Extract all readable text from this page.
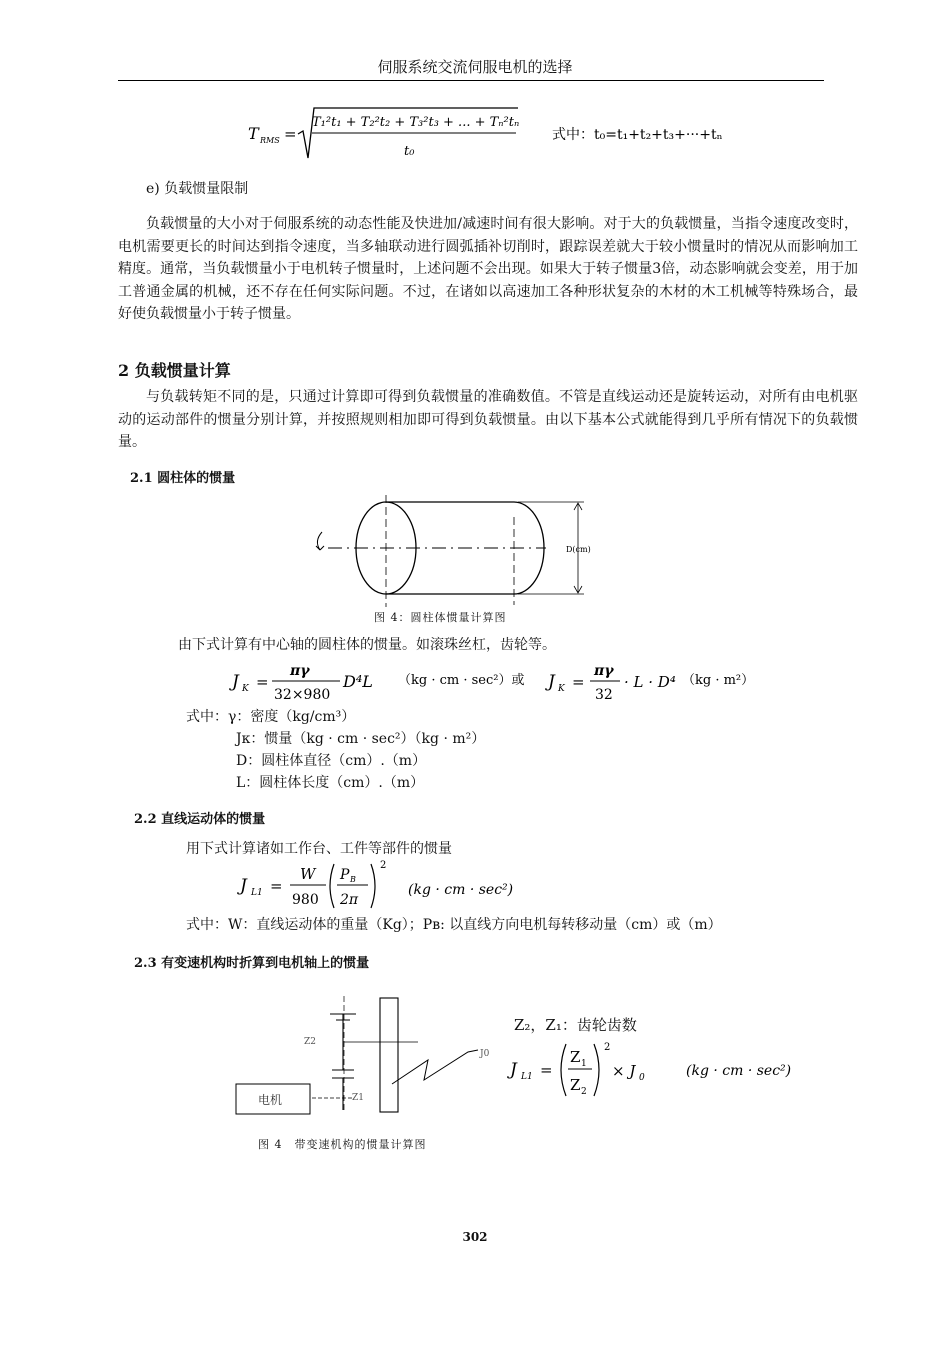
伺服系统交流伺服电机的选择
T RMS =
T₁²t₁ + T₂²t₂ + T₃²t₃ + ... + Tₙ²tₙ
t₀
式中：t₀=t₁+t₂+t₃+···+tₙ
e) 负载惯量限制
负载惯量的大小对于伺服系统的动态性能及快进加/减速时间有很大影响。对于大的负载惯量，当指令速度改变时，电机需要更长的时间达到指令速度，当多轴联动进行圆弧插补切削时，跟踪误差就大于较小惯量时的情况从而影响加工精度。通常，当负载惯量小于电机转子惯量时，上述问题不会出现。如果大于转子惯量3倍，动态影响就会变差，用于加工普通金属的机械，还不存在任何实际问题。不过，在诸如以高速加工各种形状复杂的木材的木工机械等特殊场合，最好使负载惯量小于转子惯量。
2 负载惯量计算
与负载转矩不同的是，只通过计算即可得到负载惯量的准确数值。不管是直线运动还是旋转运动，对所有由电机驱动的运动部件的惯量分别计算，并按照规则相加即可得到负载惯量。由以下基本公式就能得到几乎所有情况下的负载惯量。
2.1 圆柱体的惯量
D(cm)
图 4：圆柱体惯量计算图
由下式计算有中心轴的圆柱体的惯量。如滚珠丝杠，齿轮等。
J K =
πγ
32×980
D⁴L （kg · cm · sec²）或 J K =
πγ
32
· L · D⁴ （kg · m²）
式中：γ：密度（kg/cm³）
Jᴋ：惯量（kg · cm · sec²）（kg · m²）
D：圆柱体直径（cm）.（m）
L：圆柱体长度（cm）.（m）
2.2 直线运动体的惯量
用下式计算诸如工作台、工件等部件的惯量
J L1 =
W
980
P B
2π
2
(kg · cm · sec²)
式中：W：直线运动体的重量（Kg）；Pʙ: 以直线方向电机每转移动量（cm）或（m）
2.3 有变速机构时折算到电机轴上的惯量
电机
Z2
Z1
J0
Z₂，Z₁：齿轮齿数
J L1 =
Z 1
Z 2
2
× J 0	(kg · cm · sec²)
图 4　带变速机构的惯量计算图
302
